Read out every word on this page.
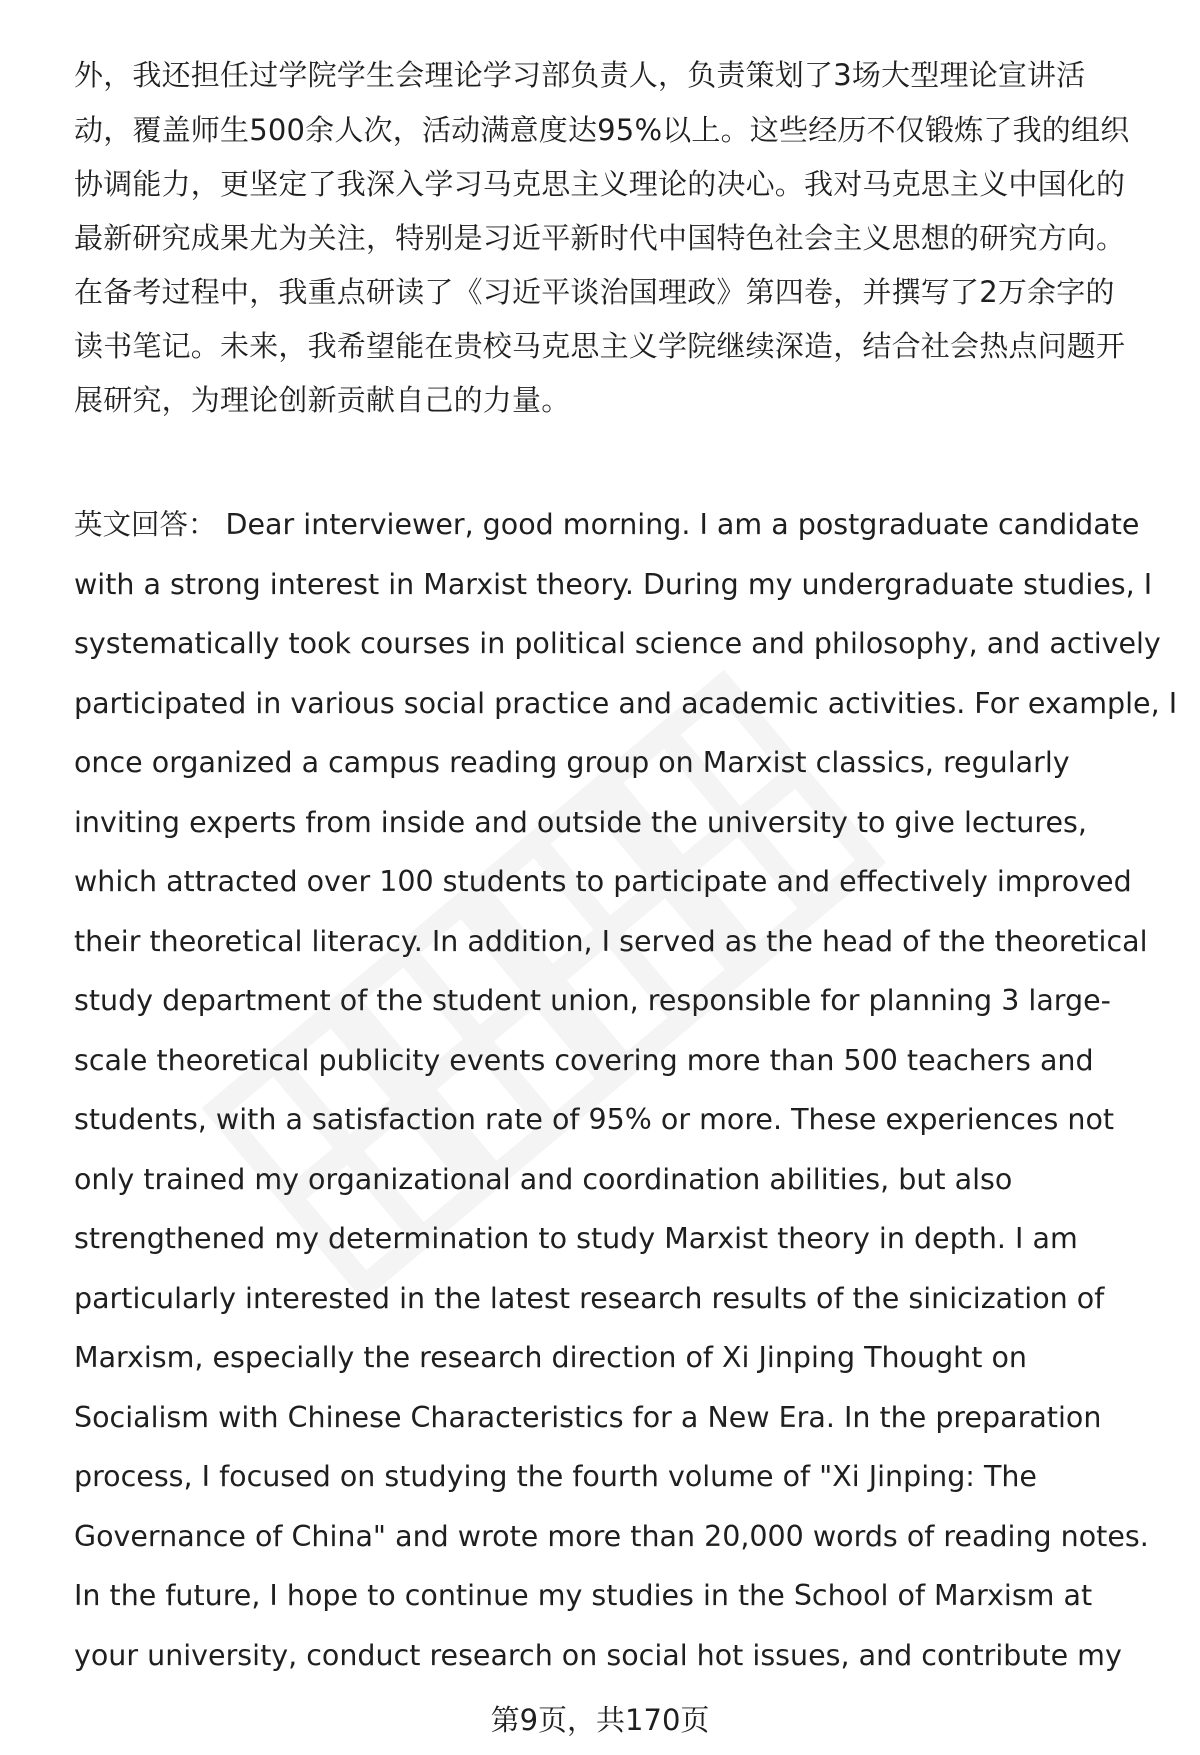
外，我还担任过学院学生会理论学习部负责人，负责策划了3场大型理论宣讲活
动，覆盖师生500余人次，活动满意度达95%以上。这些经历不仅锻炼了我的组织
协调能力，更坚定了我深入学习马克思主义理论的决心。我对马克思主义中国化的
最新研究成果尤为关注，特别是习近平新时代中国特色社会主义思想的研究方向。
在备考过程中，我重点研读了《习近平谈治国理政》第四卷，并撰写了2万余字的
读书笔记。未来，我希望能在贵校马克思主义学院继续深造，结合社会热点问题开
展研究，为理论创新贡献自己的力量。
英文回答： Dear interviewer, good morning. I am a postgraduate candidate
with a strong interest in Marxist theory. During my undergraduate studies, I
systematically took courses in political science and philosophy, and actively
participated in various social practice and academic activities. For example, I
once organized a campus reading group on Marxist classics, regularly
inviting experts from inside and outside the university to give lectures,
which attracted over 100 students to participate and effectively improved
their theoretical literacy. In addition, I served as the head of the theoretical
study department of the student union, responsible for planning 3 large-
scale theoretical publicity events covering more than 500 teachers and
students, with a satisfaction rate of 95% or more. These experiences not
only trained my organizational and coordination abilities, but also
strengthened my determination to study Marxist theory in depth. I am
particularly interested in the latest research results of the sinicization of
Marxism, especially the research direction of Xi Jinping Thought on
Socialism with Chinese Characteristics for a New Era. In the preparation
process, I focused on studying the fourth volume of "Xi Jinping: The
Governance of China" and wrote more than 20,000 words of reading notes.
In the future, I hope to continue my studies in the School of Marxism at
your university, conduct research on social hot issues, and contribute my
第9页，共170页
